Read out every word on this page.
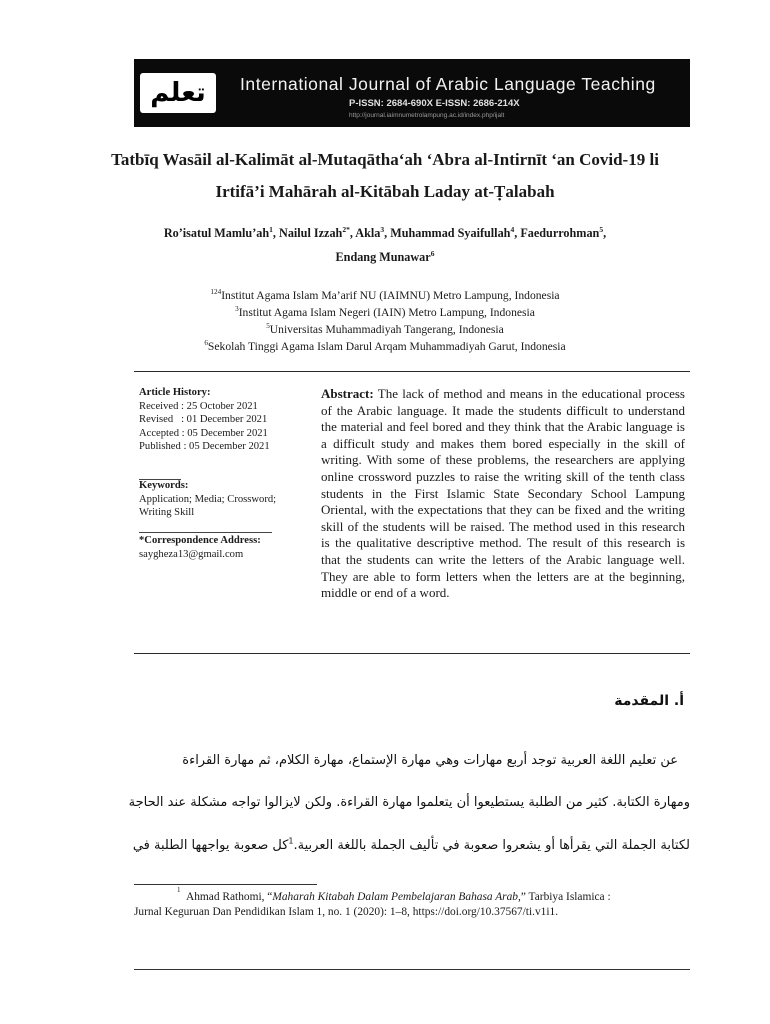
تعلم	International Journal of Arabic Language Teaching
P-ISSN: 2684-690X E-ISSN: 2686-214X
http://journal.iaimnumetrolampung.ac.id/index.php/ijalt
Tatbīq Wasāil al-Kalimāt al-Mutaqātha‘ah ‘Abra al-Intirnīt ‘an Covid-19 li
Irtifā’i Mahārah al-Kitābah Laday at-Ṭalabah
Ro’isatul $Mamlu’ah^1$, Nailul Izzah$^{2*}$, Akla$^3$, Muhammad Syaifullah$^4$, Faedurrohman$^5$,
Endang Munawar$^6$
$^{124}$Institut Agama Islam Ma’arif NU (IAIMNU) Metro Lampung, Indonesia
$^3$Institut Agama Islam Negeri (IAIN) Metro Lampung, Indonesia
$^5$Universitas Muhammadiyah Tangerang, Indonesia
$^6$Sekolah Tinggi Agama Islam Darul Arqam Muhammadiyah Garut, Indonesia
Article History:
Received : 25 October 2021
Revised   : 01 December 2021
Accepted : 05 December 2021
Published : 05 December 2021
Keywords:
Application; Media; Crossword;
Writing Skill
*Correspondence Address:
saygheza13@gmail.com
Abstract: The lack of method and means in the educational process of the Arabic language. It made the students difficult to understand the material and feel bored and they think that the Arabic language is a difficult study and makes them bored especially in the skill of writing. With some of these problems, the researchers are applying online crossword puzzles to raise the writing skill of the tenth class students in the First Islamic State Secondary School Lampung Oriental, with the expectations that they can be fixed and the writing skill of the students will be raised. The method used in this research is the qualitative descriptive method. The result of this research is that the students can write the letters of the Arabic language well. They are able to form letters when the letters are at the beginning, middle or end of a word.
أ. المقدمة
عن تعليم اللغة العربية توجد أربع مهارات وهي مهارة الإستماع، مهارة الكلام، ثم مهارة القراءة
ومهارة الكتابة. كثير من الطلبة يستطيعوا أن يتعلموا مهارة القراءة. ولكن لايزالوا تواجه مشكلة عند الحاجة
لكتابة الجملة التي يقرأها أو يشعروا صعوبة في تأليف الجملة باللغة العربية.$^1$كل صعوبة يواجهها الطلبة في
1
Ahmad Rathomi, “Maharah Kitabah Dalam Pembelajaran Bahasa Arab,” Tarbiya Islamica :
Jurnal Keguruan Dan Pendidikan Islam 1, no. 1 (2020): 1–8, https://doi.org/10.37567/ti.v1i1.
